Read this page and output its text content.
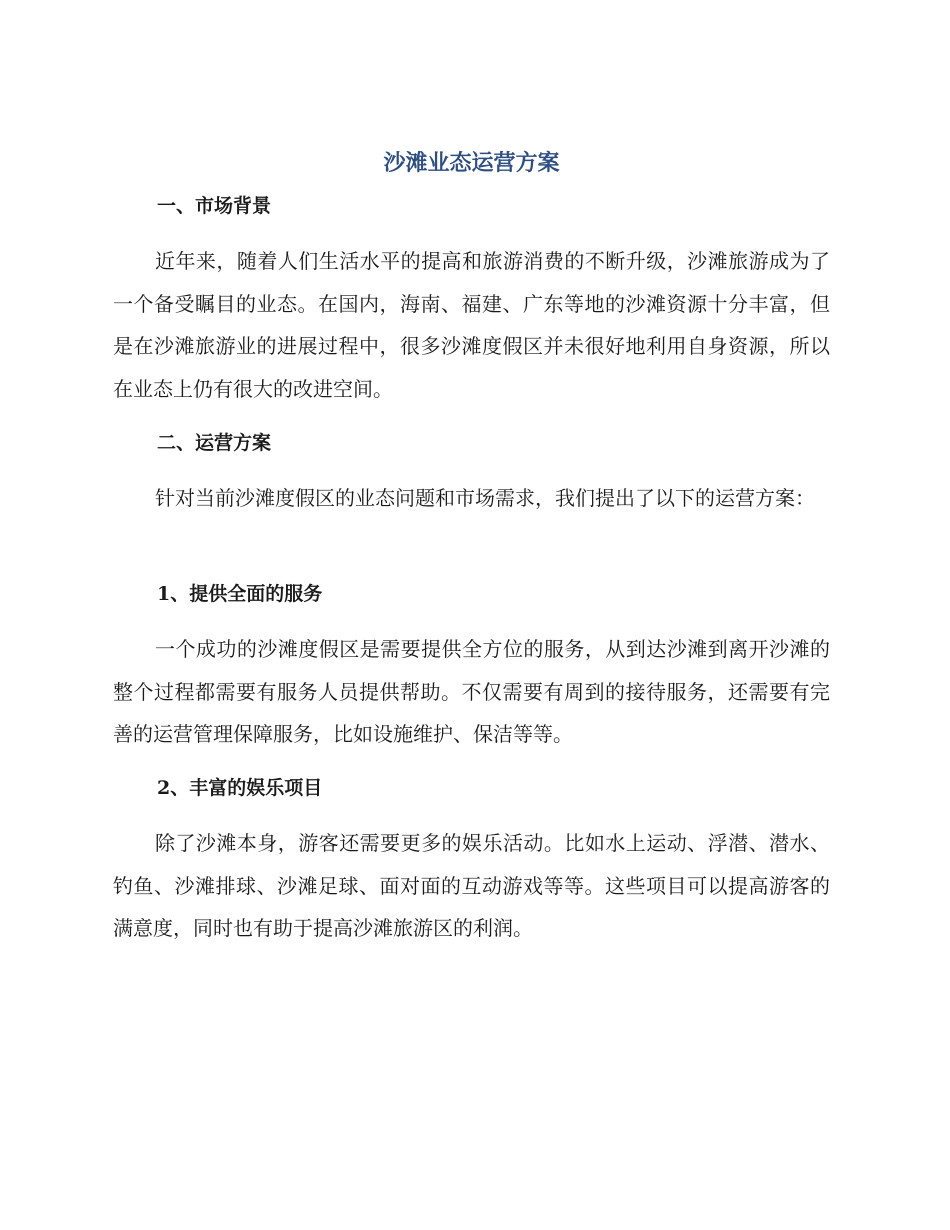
沙滩业态运营方案
一、市场背景

近年来，随着人们生活水平的提高和旅游消费的不断升级，沙滩旅游成为了一个备受瞩目的业态。在国内，海南、福建、广东等地的沙滩资源十分丰富，但是在沙滩旅游业的进展过程中，很多沙滩度假区并未很好地利用自身资源，所以在业态上仍有很大的改进空间。

二、运营方案

针对当前沙滩度假区的业态问题和市场需求，我们提出了以下的运营方案：

1、提供全面的服务

一个成功的沙滩度假区是需要提供全方位的服务，从到达沙滩到离开沙滩的整个过程都需要有服务人员提供帮助。不仅需要有周到的接待服务，还需要有完善的运营管理保障服务，比如设施维护、保洁等等。

2、丰富的娱乐项目

除了沙滩本身，游客还需要更多的娱乐活动。比如水上运动、浮潜、潜水、钓鱼、沙滩排球、沙滩足球、面对面的互动游戏等等。这些项目可以提高游客的满意度，同时也有助于提高沙滩旅游区的利润。
